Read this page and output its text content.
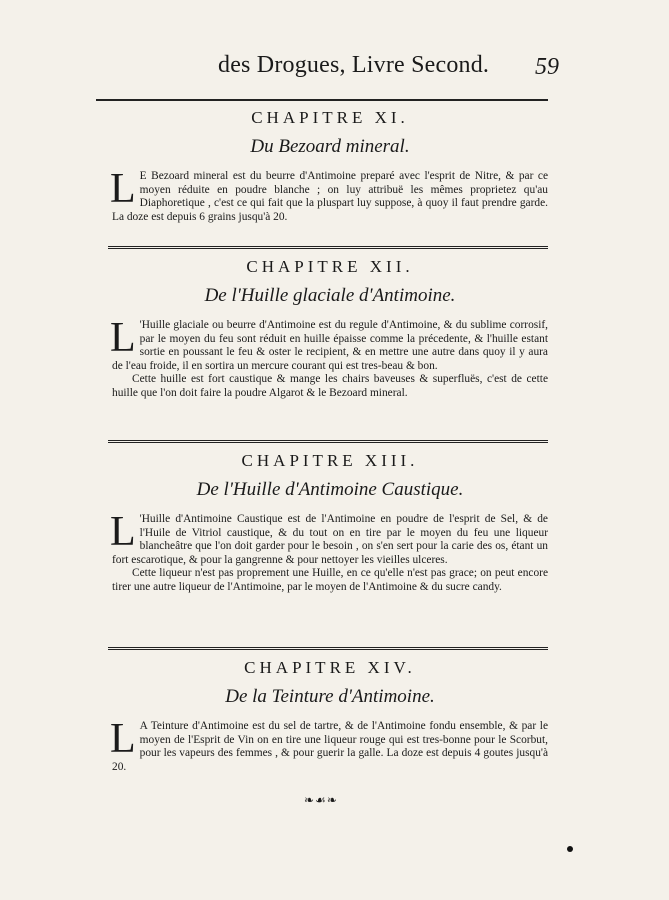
des Drogues, Livre Second. 59
CHAPITRE XI.
Du Bezoard mineral.

L E Bezoard mineral est du beurre d'Antimoine preparé avec l'esprit de Nitre, & par ce moyen réduite en poudre blanche ; on luy attribuë les mêmes proprietez qu'au Diaphoretique , c'est ce qui fait que la pluspart luy suppose, à quoy il faut prendre garde. La doze est depuis 6 grains jusqu'à 20.

CHAPITRE XII.
De l'Huille glaciale d'Antimoine.

L 'Huille glaciale ou beurre d'Antimoine est du regule d'Antimoine, & du sublime corrosif, par le moyen du feu sont réduit en huille épaisse comme la précedente, & l'huille estant sortie en poussant le feu & oster le recipient, & en mettre une autre dans quoy il y aura de l'eau froide, il en sortira un mercure courant qui est tres-beau & bon.

Cette huille est fort caustique & mange les chairs baveuses & superfluës, c'est de cette huille que l'on doit faire la poudre Algarot & le Bezoard mineral.

CHAPITRE XIII.
De l'Huille d'Antimoine Caustique.

L 'Huille d'Antimoine Caustique est de l'Antimoine en poudre de l'esprit de Sel, & de l'Huile de Vitriol caustique, & du tout on en tire par le moyen du feu une liqueur blancheâtre que l'on doit garder pour le besoin , on s'en sert pour la carie des os, étant un fort escarotique, & pour la gangrenne & pour nettoyer les vieilles ulceres.

Cette liqueur n'est pas proprement une Huille, en ce qu'elle n'est pas grace; on peut encore tirer une autre liqueur de l'Antimoine, par le moyen de l'Antimoine & du sucre candy.

CHAPITRE XIV.
De la Teinture d'Antimoine.

L A Teinture d'Antimoine est du sel de tartre, & de l'Antimoine fondu ensemble, & par le moyen de l'Esprit de Vin on en tire une liqueur rouge qui est tres-bonne pour le Scorbut, pour les vapeurs des femmes , & pour guerir la galle. La doze est depuis 4 goutes jusqu'à 20.

❧☙❧
